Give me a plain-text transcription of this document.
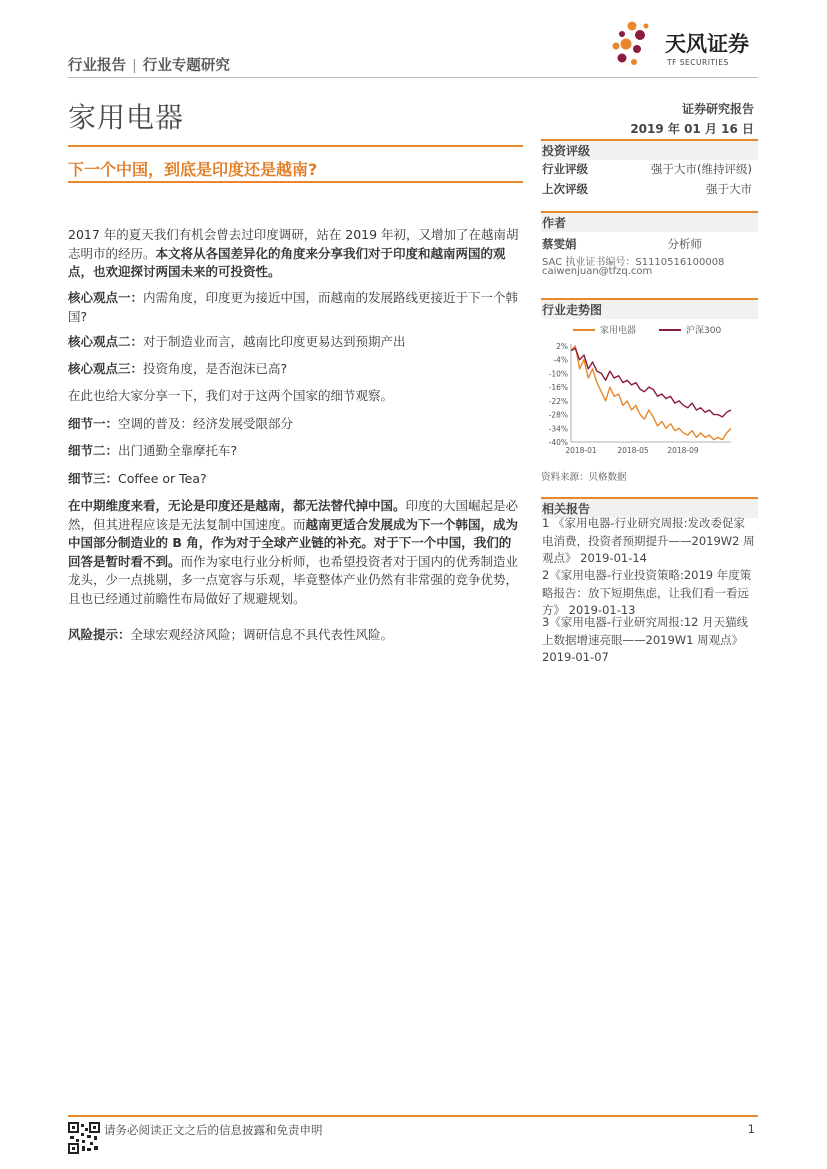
行业报告 | 行业专题研究
天风证券
TF SECURITIES
家用电器	证券研究报告
2019 年 01 月 16 日
下一个中国，到底是印度还是越南?
2017 年的夏天我们有机会曾去过印度调研，站在 2019 年初，又增加了在越南胡志明市的经历。本文将从各国差异化的角度来分享我们对于印度和越南两国的观点，也欢迎探讨两国未来的可投资性。
核心观点一：内需角度，印度更为接近中国，而越南的发展路线更接近于下一个韩国?
核心观点二：对于制造业而言，越南比印度更易达到预期产出
核心观点三：投资角度，是否泡沫已高?
在此也给大家分享一下，我们对于这两个国家的细节观察。
细节一：空调的普及：经济发展受限部分
细节二：出门通勤全靠摩托车?
细节三：Coffee or Tea?
在中期维度来看，无论是印度还是越南，都无法替代掉中国。印度的大国崛起是必然，但其进程应该是无法复制中国速度。而越南更适合发展成为下一个韩国，成为中国部分制造业的 B 角，作为对于全球产业链的补充。对于下一个中国，我们的回答是暂时看不到。而作为家电行业分析师，也希望投资者对于国内的优秀制造业龙头，少一点挑剔，多一点宽容与乐观，毕竟整体产业仍然有非常强的竞争优势，且也已经通过前瞻性布局做好了规避规划。
风险提示：全球宏观经济风险；调研信息不具代表性风险。
投资评级
行业评级	强于大市(维持评级)
上次评级	强于大市
作者
蔡雯娟	分析师
SAC 执业证书编号：S1110516100008
caiwenjuan@tfzq.com
行业走势图
家用电器	沪深300
2%
-4%
-10%
-16%
-22%
-28%
-34%
-40%
2018-01	2018-05 2018-09
资料来源：贝格数据
相关报告
1 《家用电器-行业研究周报:发改委促家电消费，投资者预期提升——2019W2 周观点》 2019-01-14
2《家用电器-行业投资策略:2019 年度策略报告：放下短期焦虑，让我们看一看远方》 2019-01-13
3《家用电器-行业研究周报:12 月天猫线上数据增速亮眼——2019W1 周观点》 2019-01-07
请务必阅读正文之后的信息披露和免责申明	1
